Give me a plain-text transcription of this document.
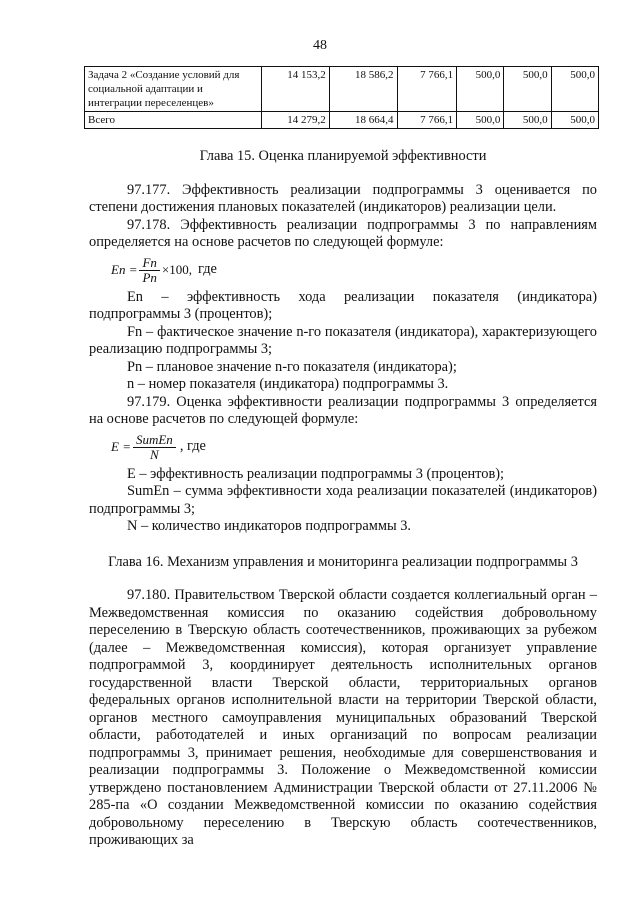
48
Задача 2 «Создание условий для социальной адаптации и интеграции переселенцев»	14 153,2	18 586,2	7 766,1	500,0	500,0	500,0
Всего	14 279,2	18 664,4	7 766,1	500,0	500,0	500,0
Глава 15. Оценка планируемой эффективности

97.177. Эффективность реализации подпрограммы 3 оценивается по степени достижения плановых показателей (индикаторов) реализации цели.

97.178. Эффективность реализации подпрограммы 3 по направлениям определяется на основе расчетов по следующей формуле:

$En = \frac{Fn}{Pn} \times 100$, где

En – эффективность хода реализации показателя (индикатора) подпрограммы 3 (процентов);

Fn – фактическое значение n-го показателя (индикатора), характеризующего реализацию подпрограммы 3;

Pn – плановое значение n-го показателя (индикатора);

n – номер показателя (индикатора) подпрограммы 3.

97.179. Оценка эффективности реализации подпрограммы 3 определяется на основе расчетов по следующей формуле:

$E = \frac{\text{SumEn}}{N}$ , где

E – эффективность реализации подпрограммы 3 (процентов);

SumEn – сумма эффективности хода реализации показателей (индикаторов) подпрограммы 3;

N – количество индикаторов подпрограммы 3.

Глава 16. Механизм управления и мониторинга реализации подпрограммы 3

97.180. Правительством Тверской области создается коллегиальный орган – Межведомственная комиссия по оказанию содействия добровольному переселению в Тверскую область соотечественников, проживающих за рубежом (далее – Межведомственная комиссия), которая организует управление подпрограммой 3, координирует деятельность исполнительных органов государственной власти Тверской области, территориальных органов федеральных органов исполнительной власти на территории Тверской области, органов местного самоуправления муниципальных образований Тверской области, работодателей и иных организаций по вопросам реализации подпрограммы 3, принимает решения, необходимые для совершенствования и реализации подпрограммы 3. Положение о Межведомственной комиссии утверждено постановлением Администрации Тверской области от 27.11.2006 № 285-па «О создании Межведомственной комиссии по оказанию содействия добровольному переселению в Тверскую область соотечественников, проживающих за
